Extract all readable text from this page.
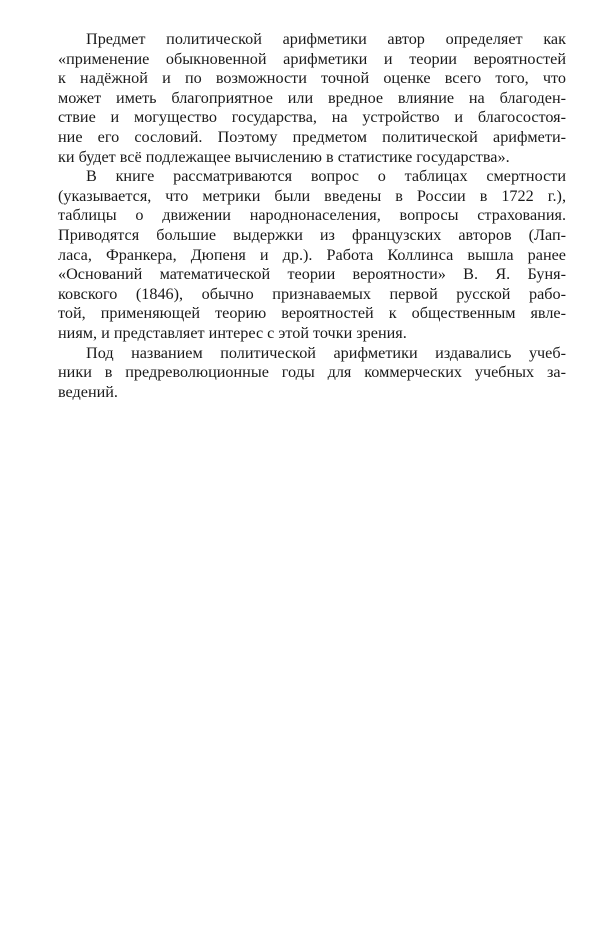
Предмет политической арифметики автор определяет как
«применение обыкновенной арифметики и теории вероятностей
к надёжной и по возможности точной оценке всего того, что
может иметь благоприятное или вредное влияние на благоден-
ствие и могущество государства, на устройство и благосостоя-
ние его сословий. Поэтому предметом политической арифмети-
ки будет всё подлежащее вычислению в статистике государства».
В книге рассматриваются вопрос о таблицах смертности
(указывается, что метрики были введены в России в 1722 г.),
таблицы о движении народнонаселения, вопросы страхования.
Приводятся большие выдержки из французских авторов (Лап-
ласа, Франкера, Дюпеня и др.). Работа Коллинса вышла ранее
«Оснований математической теории вероятности» В. Я. Буня-
ковского (1846), обычно признаваемых первой русской рабо-
той, применяющей теорию вероятностей к общественным явле-
ниям, и представляет интерес с этой точки зрения.
Под названием политической арифметики издавались учеб-
ники в предреволюционные годы для коммерческих учебных за-
ведений.
